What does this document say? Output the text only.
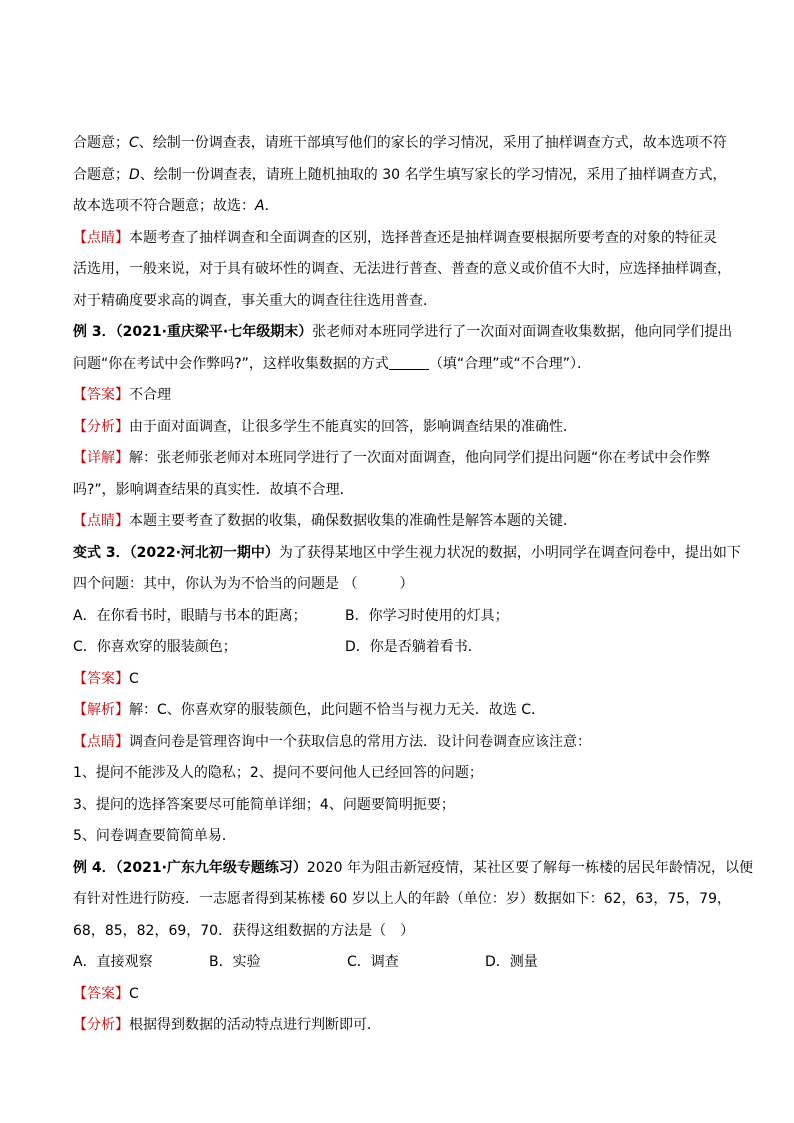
合题意；C、绘制一份调查表，请班干部填写他们的家长的学习情况，采用了抽样调查方式，故本选项不符
合题意；D、绘制一份调查表，请班上随机抽取的 30 名学生填写家长的学习情况，采用了抽样调查方式，
故本选项不符合题意；故选：A．
【点睛】本题考查了抽样调查和全面调查的区别，选择普查还是抽样调查要根据所要考查的对象的特征灵
活选用，一般来说，对于具有破坏性的调查、无法进行普查、普查的意义或价值不大时，应选择抽样调查，
对于精确度要求高的调查，事关重大的调查往往选用普查．
例 3．（2021·重庆梁平·七年级期末）张老师对本班同学进行了一次面对面调查收集数据，他向同学们提出
问题“你在考试中会作弊吗?”，这样收集数据的方式	（填“合理”或“不合理”）．
【答案】不合理
【分析】由于面对面调查，让很多学生不能真实的回答，影响调查结果的准确性．
【详解】解：张老师张老师对本班同学进行了一次面对面调查，他向同学们提出问题“你在考试中会作弊
吗?”，影响调查结果的真实性．故填不合理．
【点睛】本题主要考查了数据的收集，确保数据收集的准确性是解答本题的关键．
变式 3．（2022·河北初一期中）为了获得某地区中学生视力状况的数据，小明同学在调查问卷中，提出如下
四个问题：其中，你认为为不恰当的问题是 （　　　）
A．在你看书时，眼睛与书本的距离；	B．你学习时使用的灯具；
C．你喜欢穿的服装颜色；	D．你是否躺着看书．
【答案】C
【解析】解：C、你喜欢穿的服装颜色，此问题不恰当与视力无关．故选 C．
【点睛】调查问卷是管理咨询中一个获取信息的常用方法．设计问卷调查应该注意：
1、提问不能涉及人的隐私；2、提问不要问他人已经回答的问题；
3、提问的选择答案要尽可能简单详细；4、问题要简明扼要；
5、问卷调查要简简单易．
例 4．（2021·广东九年级专题练习）2020 年为阻击新冠疫情，某社区要了解每一栋楼的居民年龄情况，以便
有针对性进行防疫．一志愿者得到某栋楼 60 岁以上人的年龄（单位：岁）数据如下：62，63，75，79，
68，85，82，69，70．获得这组数据的方法是（　）
A．直接观察	B．实验	C．调查	D．测量
【答案】C
【分析】根据得到数据的活动特点进行判断即可．
